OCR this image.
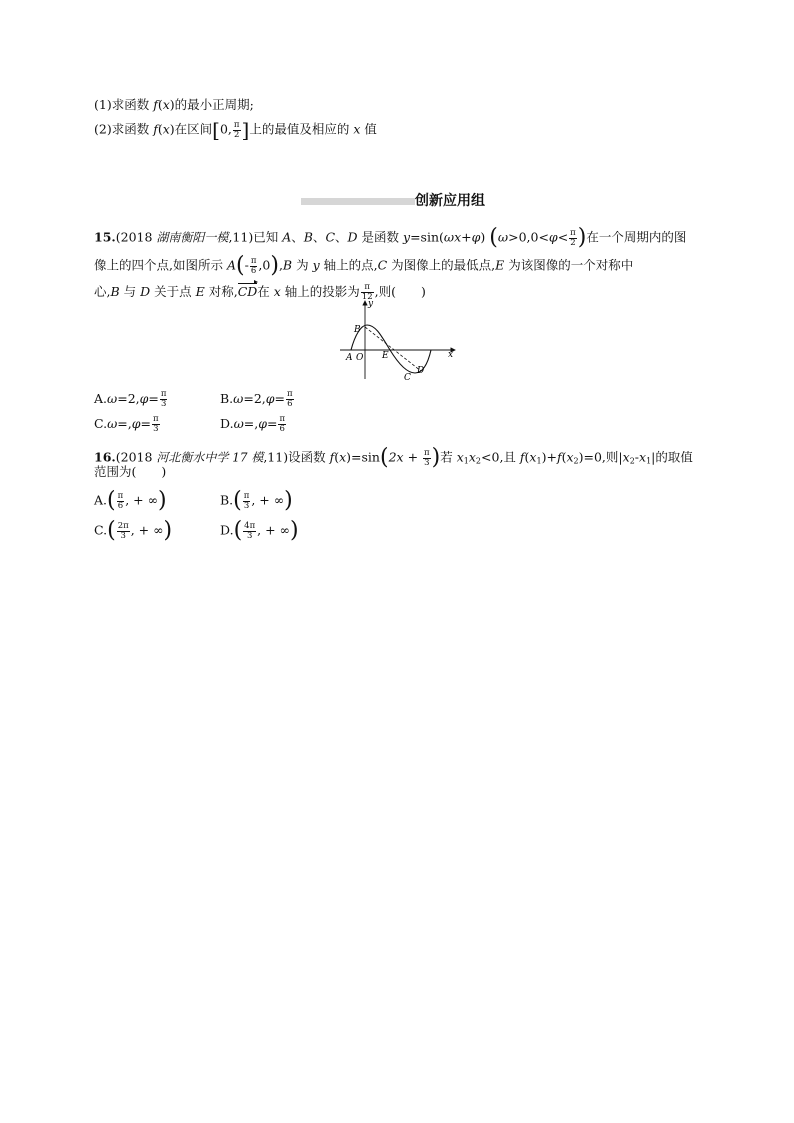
(1)求函数 f(x)的最小正周期;
(2)求函数 f(x)在区间[0, $\frac{\pi}{2}$ ]上的最值及相应的 x 值
创新应用组
15.(2018 湖南衡阳一模,11)已知 A、B、C、D 是函数 y=sin(ωx+φ) ($\omega>0,0<\varphi< \frac{\pi}{2}$ )在一个周期内的图
像上的四个点,如图所示 $A(- \frac{\pi}{6} ,0),B$ 为 y 轴上的点,C 为图像上的最低点,E 为该图像的一个对称中
心,B 与 D 关于点 E 对称,CD在 x 轴上的投影为 $\frac{\pi}{12}$ ,则(　　)
B
A O E
C
D
x
y
$A.\omega=2,\varphi= \frac{\pi}{3}$	$B.\omega=2,\varphi= \frac{\pi}{6}$
$C.\omega=,\varphi= \frac{\pi}{3}$	$D.\omega=,\varphi= \frac{\pi}{6}$
16.(2018 河北衡水中学 17 模,11)设函数 $f(x)=\sin(2x + \frac{\pi}{3}$ )若 $x_1x_2<0$,且 $f(x_1)+f(x_2)=0$,则$|x_2-x_1|$的取值
范围为(　　)
$A.( \frac{\pi}{6}$ , + ∞)	$B.( \frac{\pi}{3}$ , + ∞)
$C.( \frac{2\pi}{3}$ , + ∞)	$D.( \frac{4\pi}{3}$ , + ∞)
